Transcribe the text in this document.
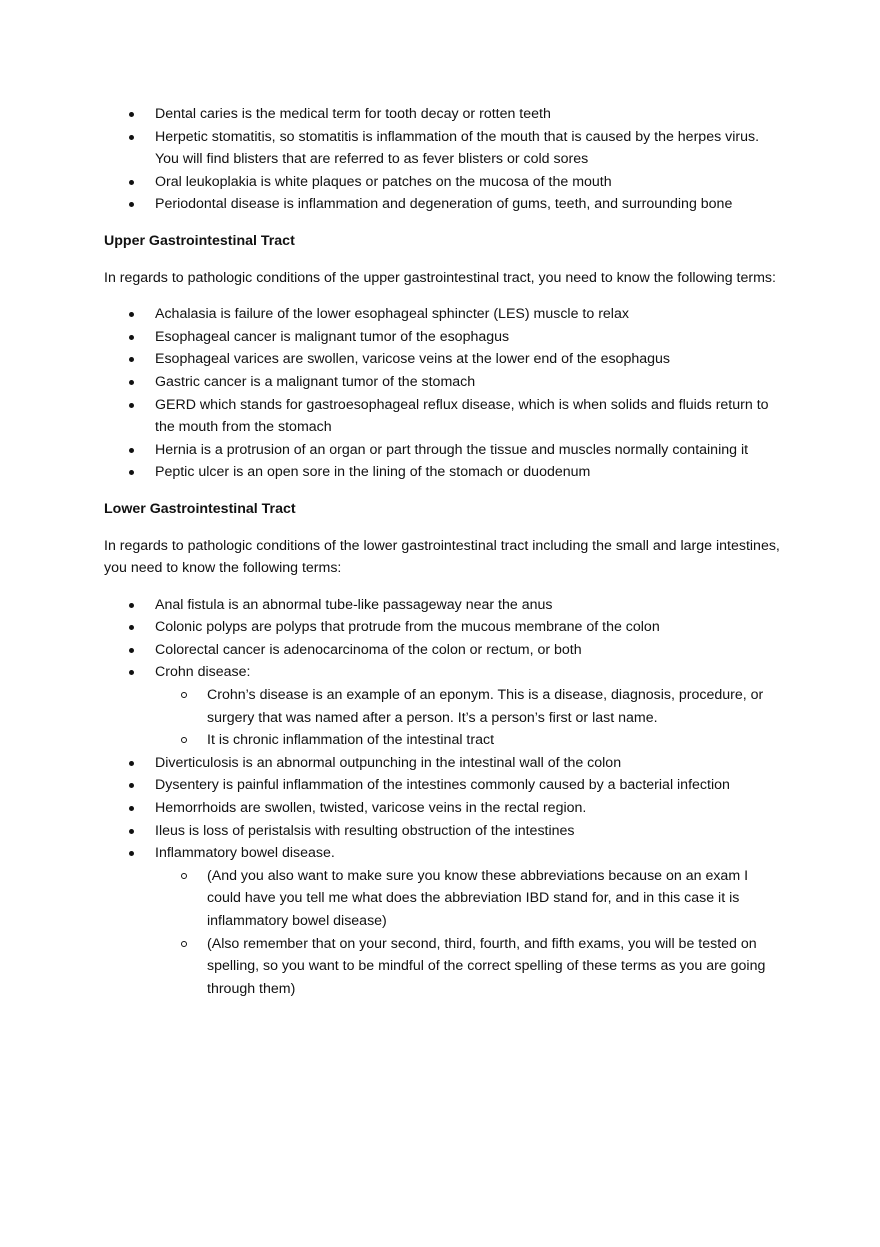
Dental caries is the medical term for tooth decay or rotten teeth
Herpetic stomatitis, so stomatitis is inflammation of the mouth that is caused by the herpes virus. You will find blisters that are referred to as fever blisters or cold sores
Oral leukoplakia is white plaques or patches on the mucosa of the mouth
Periodontal disease is inflammation and degeneration of gums, teeth, and surrounding bone

Upper Gastrointestinal Tract

In regards to pathologic conditions of the upper gastrointestinal tract, you need to know the following terms:

Achalasia is failure of the lower esophageal sphincter (LES) muscle to relax
Esophageal cancer is malignant tumor of the esophagus
Esophageal varices are swollen, varicose veins at the lower end of the esophagus
Gastric cancer is a malignant tumor of the stomach
GERD which stands for gastroesophageal reflux disease, which is when solids and fluids return to the mouth from the stomach
Hernia is a protrusion of an organ or part through the tissue and muscles normally containing it
Peptic ulcer is an open sore in the lining of the stomach or duodenum

Lower Gastrointestinal Tract

In regards to pathologic conditions of the lower gastrointestinal tract including the small and large intestines, you need to know the following terms:

Anal fistula is an abnormal tube-like passageway near the anus
Colonic polyps are polyps that protrude from the mucous membrane of the colon
Colorectal cancer is adenocarcinoma of the colon or rectum, or both
Crohn disease:
Crohn’s disease is an example of an eponym. This is a disease, diagnosis, procedure, or surgery that was named after a person. It’s a person’s first or last name.
It is chronic inflammation of the intestinal tract
Diverticulosis is an abnormal outpunching in the intestinal wall of the colon
Dysentery is painful inflammation of the intestines commonly caused by a bacterial infection
Hemorrhoids are swollen, twisted, varicose veins in the rectal region.
Ileus is loss of peristalsis with resulting obstruction of the intestines
Inflammatory bowel disease.
(And you also want to make sure you know these abbreviations because on an exam I could have you tell me what does the abbreviation IBD stand for, and in this case it is inflammatory bowel disease)
(Also remember that on your second, third, fourth, and fifth exams, you will be tested on spelling, so you want to be mindful of the correct spelling of these terms as you are going through them)
